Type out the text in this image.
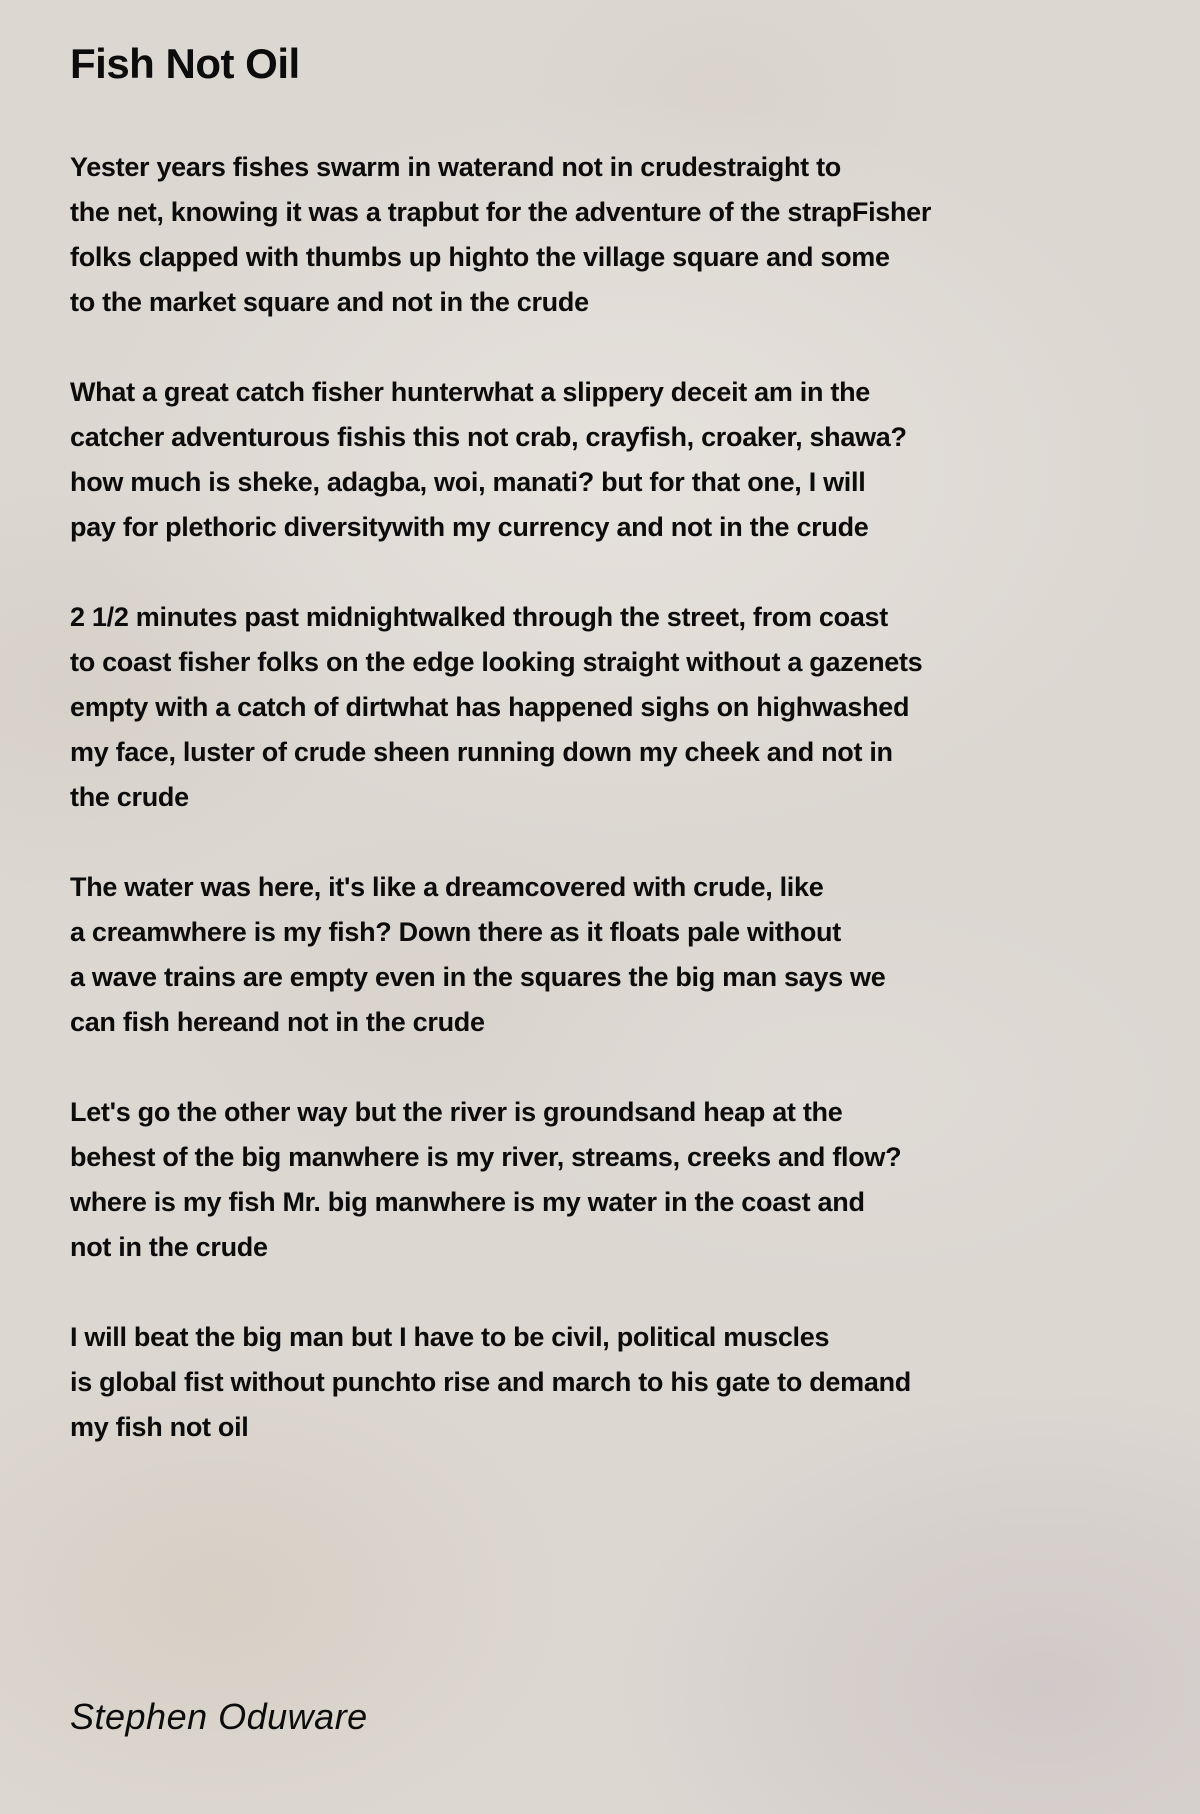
Fish Not Oil
Yester years fishes swarm in waterand not in crudestraight to
the net, knowing it was a trapbut for the adventure of the strapFisher
folks clapped with thumbs up highto the village square and some
to the market square and not in the crude
What a great catch fisher hunterwhat a slippery deceit am in the
catcher adventurous fishis this not crab, crayfish, croaker, shawa?
how much is sheke, adagba, woi, manati? but for that one, I will
pay for plethoric diversitywith my currency and not in the crude
2 1/2 minutes past midnightwalked through the street, from coast
to coast fisher folks on the edge looking straight without a gazenets
empty with a catch of dirtwhat has happened sighs on highwashed
my face, luster of crude sheen running down my cheek and not in
the crude
The water was here, it's like a dreamcovered with crude, like
a creamwhere is my fish? Down there as it floats pale without
a wave trains are empty even in the squares the big man says we
can fish hereand not in the crude
Let's go the other way but the river is groundsand heap at the
behest of the big manwhere is my river, streams, creeks and flow?
where is my fish Mr. big manwhere is my water in the coast and
not in the crude
I will beat the big man but I have to be civil, political muscles
is global fist without punchto rise and march to his gate to demand
my fish not oil
Stephen Oduware
